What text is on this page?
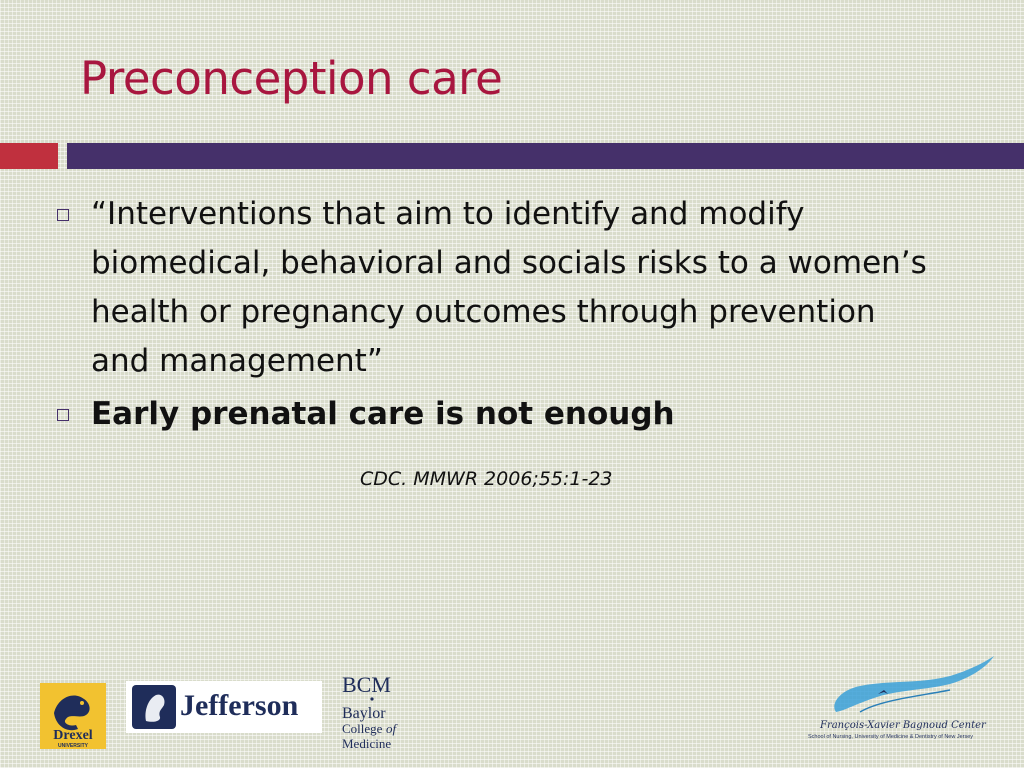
Preconception care
“Interventions that aim to identify and modify biomedical, behavioral and socials risks to a women’s health or pregnancy outcomes through prevention and management”
Early prenatal care is not enough
CDC. MMWR 2006;55:1-23
Drexel
UNIVERSITY
Jefferson
BCM
Baylor
College of
Medicine
François-Xavier Bagnoud Center
School of Nursing, University of Medicine & Dentistry of New Jersey
